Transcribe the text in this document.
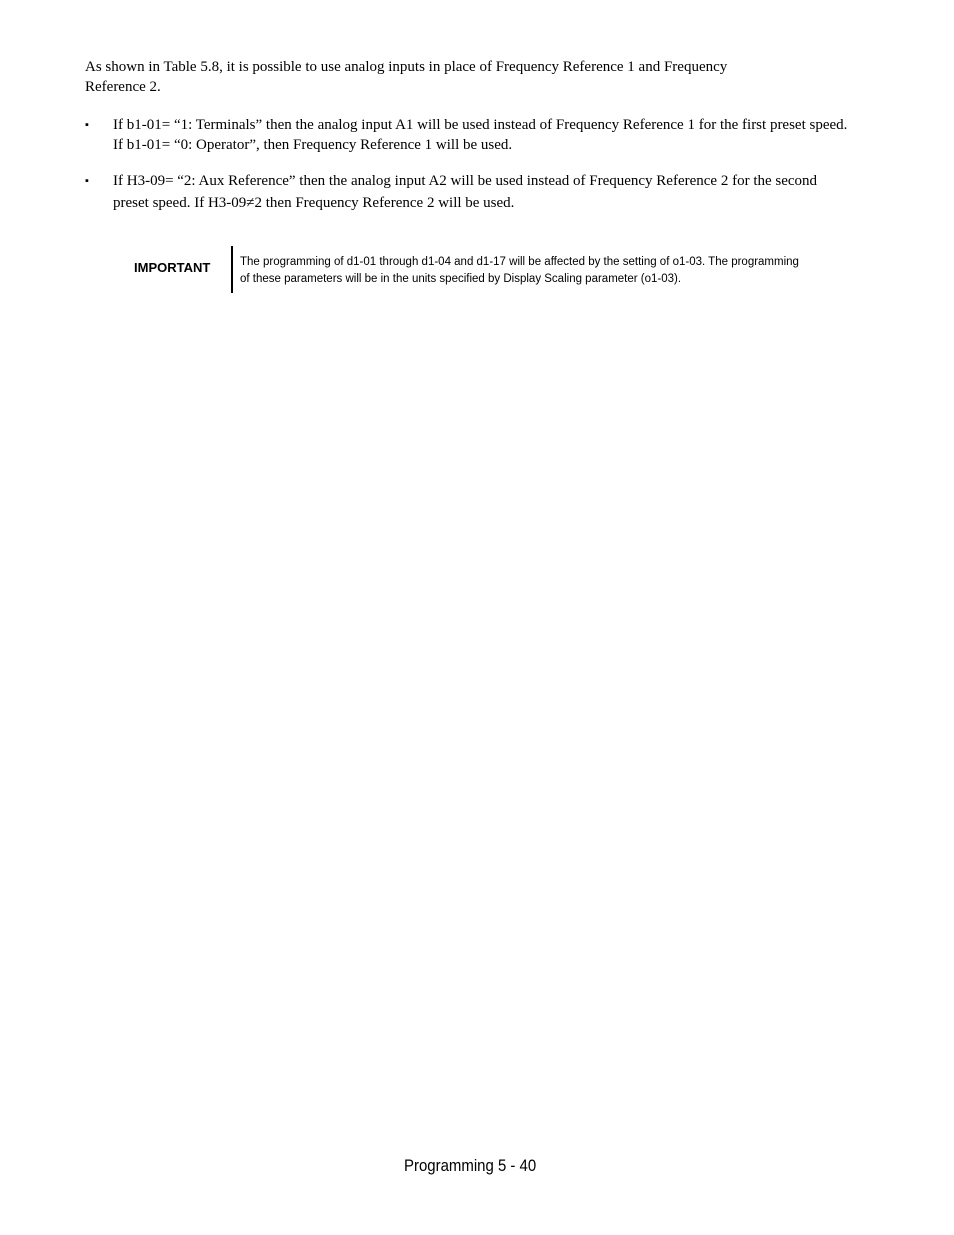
As shown in Table 5.8, it is possible to use analog inputs in place of Frequency Reference 1 and Frequency
Reference 2.
▪	If b1-01= “1: Terminals” then the analog input A1 will be used instead of Frequency Reference 1 for the first preset speed.
If b1-01= “0: Operator”, then Frequency Reference 1 will be used.
▪	If H3-09= “2: Aux Reference” then the analog input A2 will be used instead of Frequency Reference 2 for the second
preset speed. If H3-09≠2 then Frequency Reference 2 will be used.
IMPORTANT	The programming of d1-01 through d1-04 and d1-17 will be affected by the setting of o1-03. The programming
of these parameters will be in the units specified by Display Scaling parameter (o1-03).
Programming 5 - 40
